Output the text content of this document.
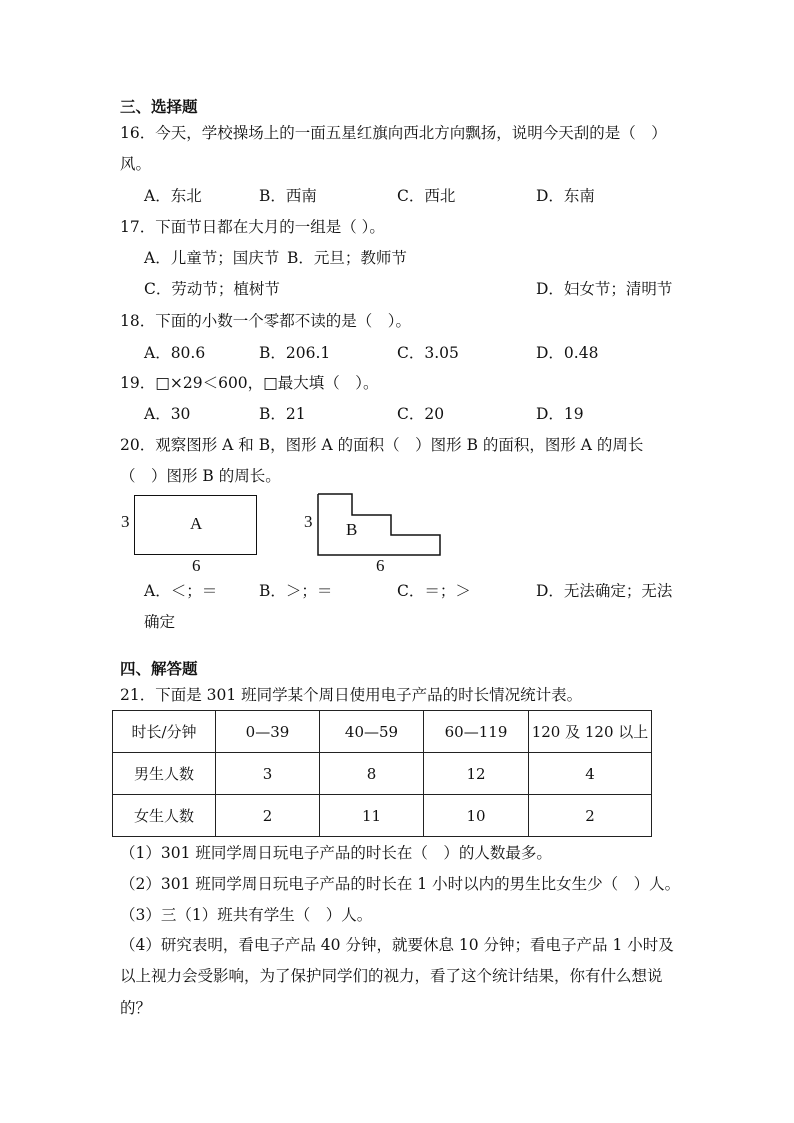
三、选择题
16．今天，学校操场上的一面五星红旗向西北方向飘扬，说明今天刮的是（　）
风。
A．东北	B．西南	C．西北	D．东南
17．下面节日都在大月的一组是（ ）。
A．儿童节；国庆节 B．元旦；教师节
C．劳动节；植树节	D．妇女节；清明节
18．下面的小数一个零都不读的是（　）。
A．80.6	B．206.1	C．3.05	D．0.48
19．□×29＜600，□最大填（　）。
A．30	B．21	C．20	D．19
20．观察图形 A 和 B，图形 A 的面积（　）图形 B 的面积，图形 A 的周长
（　）图形 B 的周长。
A
3
6
B
3
6
A．＜；＝	B．＞；＝	C．＝；＞	D．无法确定；无法
确定
四、解答题
21．下面是 301 班同学某个周日使用电子产品的时长情况统计表。
时长/分钟	0—39	40—59	60—119	120 及 120 以上
男生人数	3	8	12	4
女生人数	2	11	10	2
（1）301 班同学周日玩电子产品的时长在（　）的人数最多。
（2）301 班同学周日玩电子产品的时长在 1 小时以内的男生比女生少（　）人。
（3）三（1）班共有学生（　）人。
（4）研究表明，看电子产品 40 分钟，就要休息 10 分钟；看电子产品 1 小时及
以上视力会受影响，为了保护同学们的视力，看了这个统计结果，你有什么想说
的？
